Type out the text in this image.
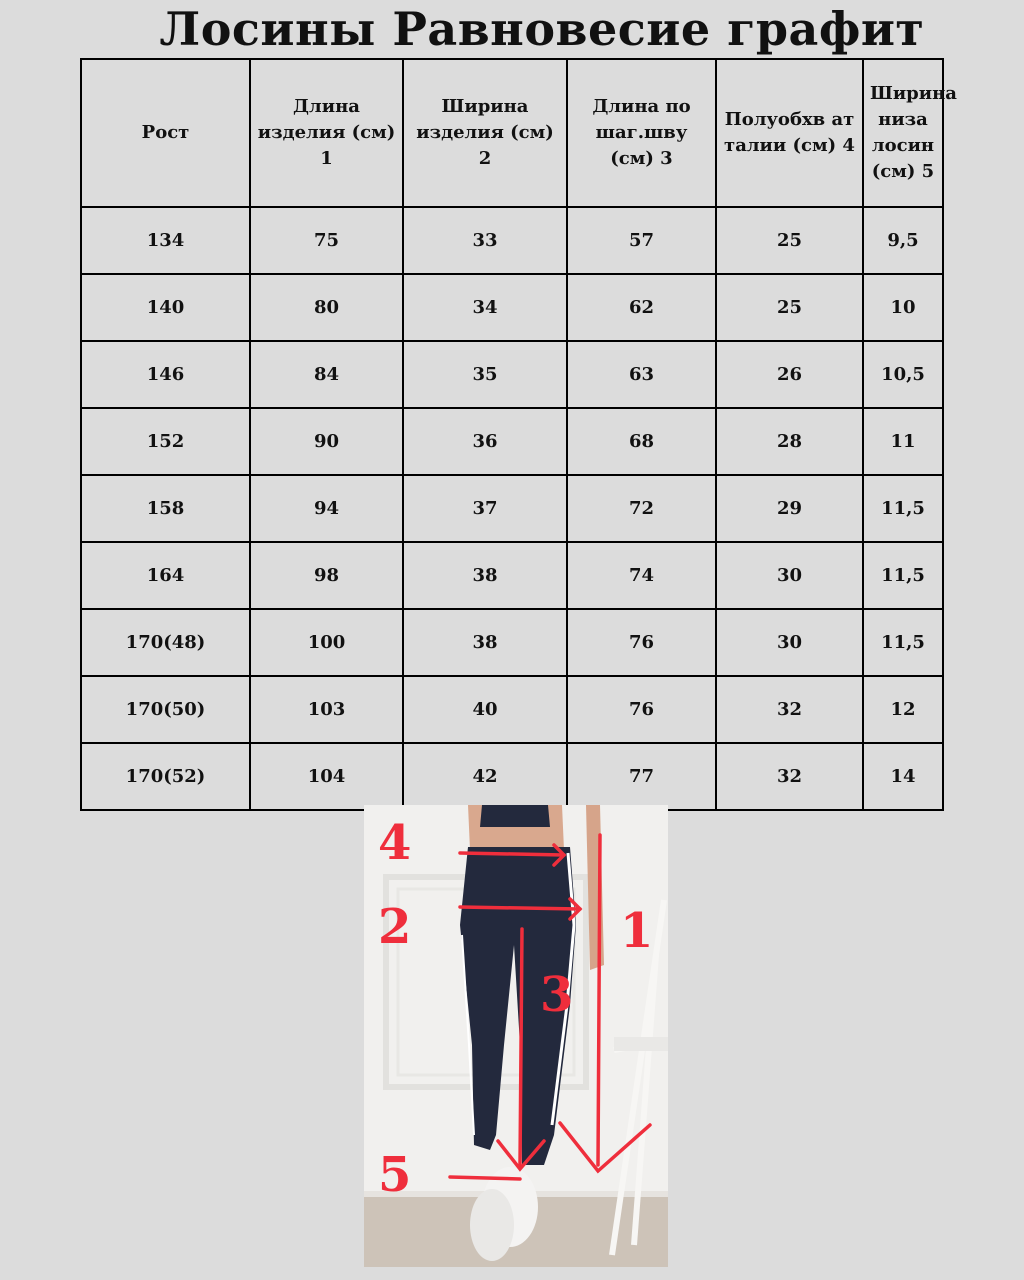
Лосины Равновесие графит
Рост	Длина изделия (см) 1	Ширина изделия (см) 2	Длина по шаг.шву (см) 3	Полуобхв ат талии (см) 4	Ширина низа лосин (см) 5
134	75	33	57	25	9,5
140	80	34	62	25	10
146	84	35	63	26	10,5
152	90	36	68	28	11
158	94	37	72	29	11,5
164	98	38	74	30	11,5
170(48)	100	38	76	30	11,5
170(50)	103	40	76	32	12
170(52)	104	42	77	32	14
4
2	1
3
5
